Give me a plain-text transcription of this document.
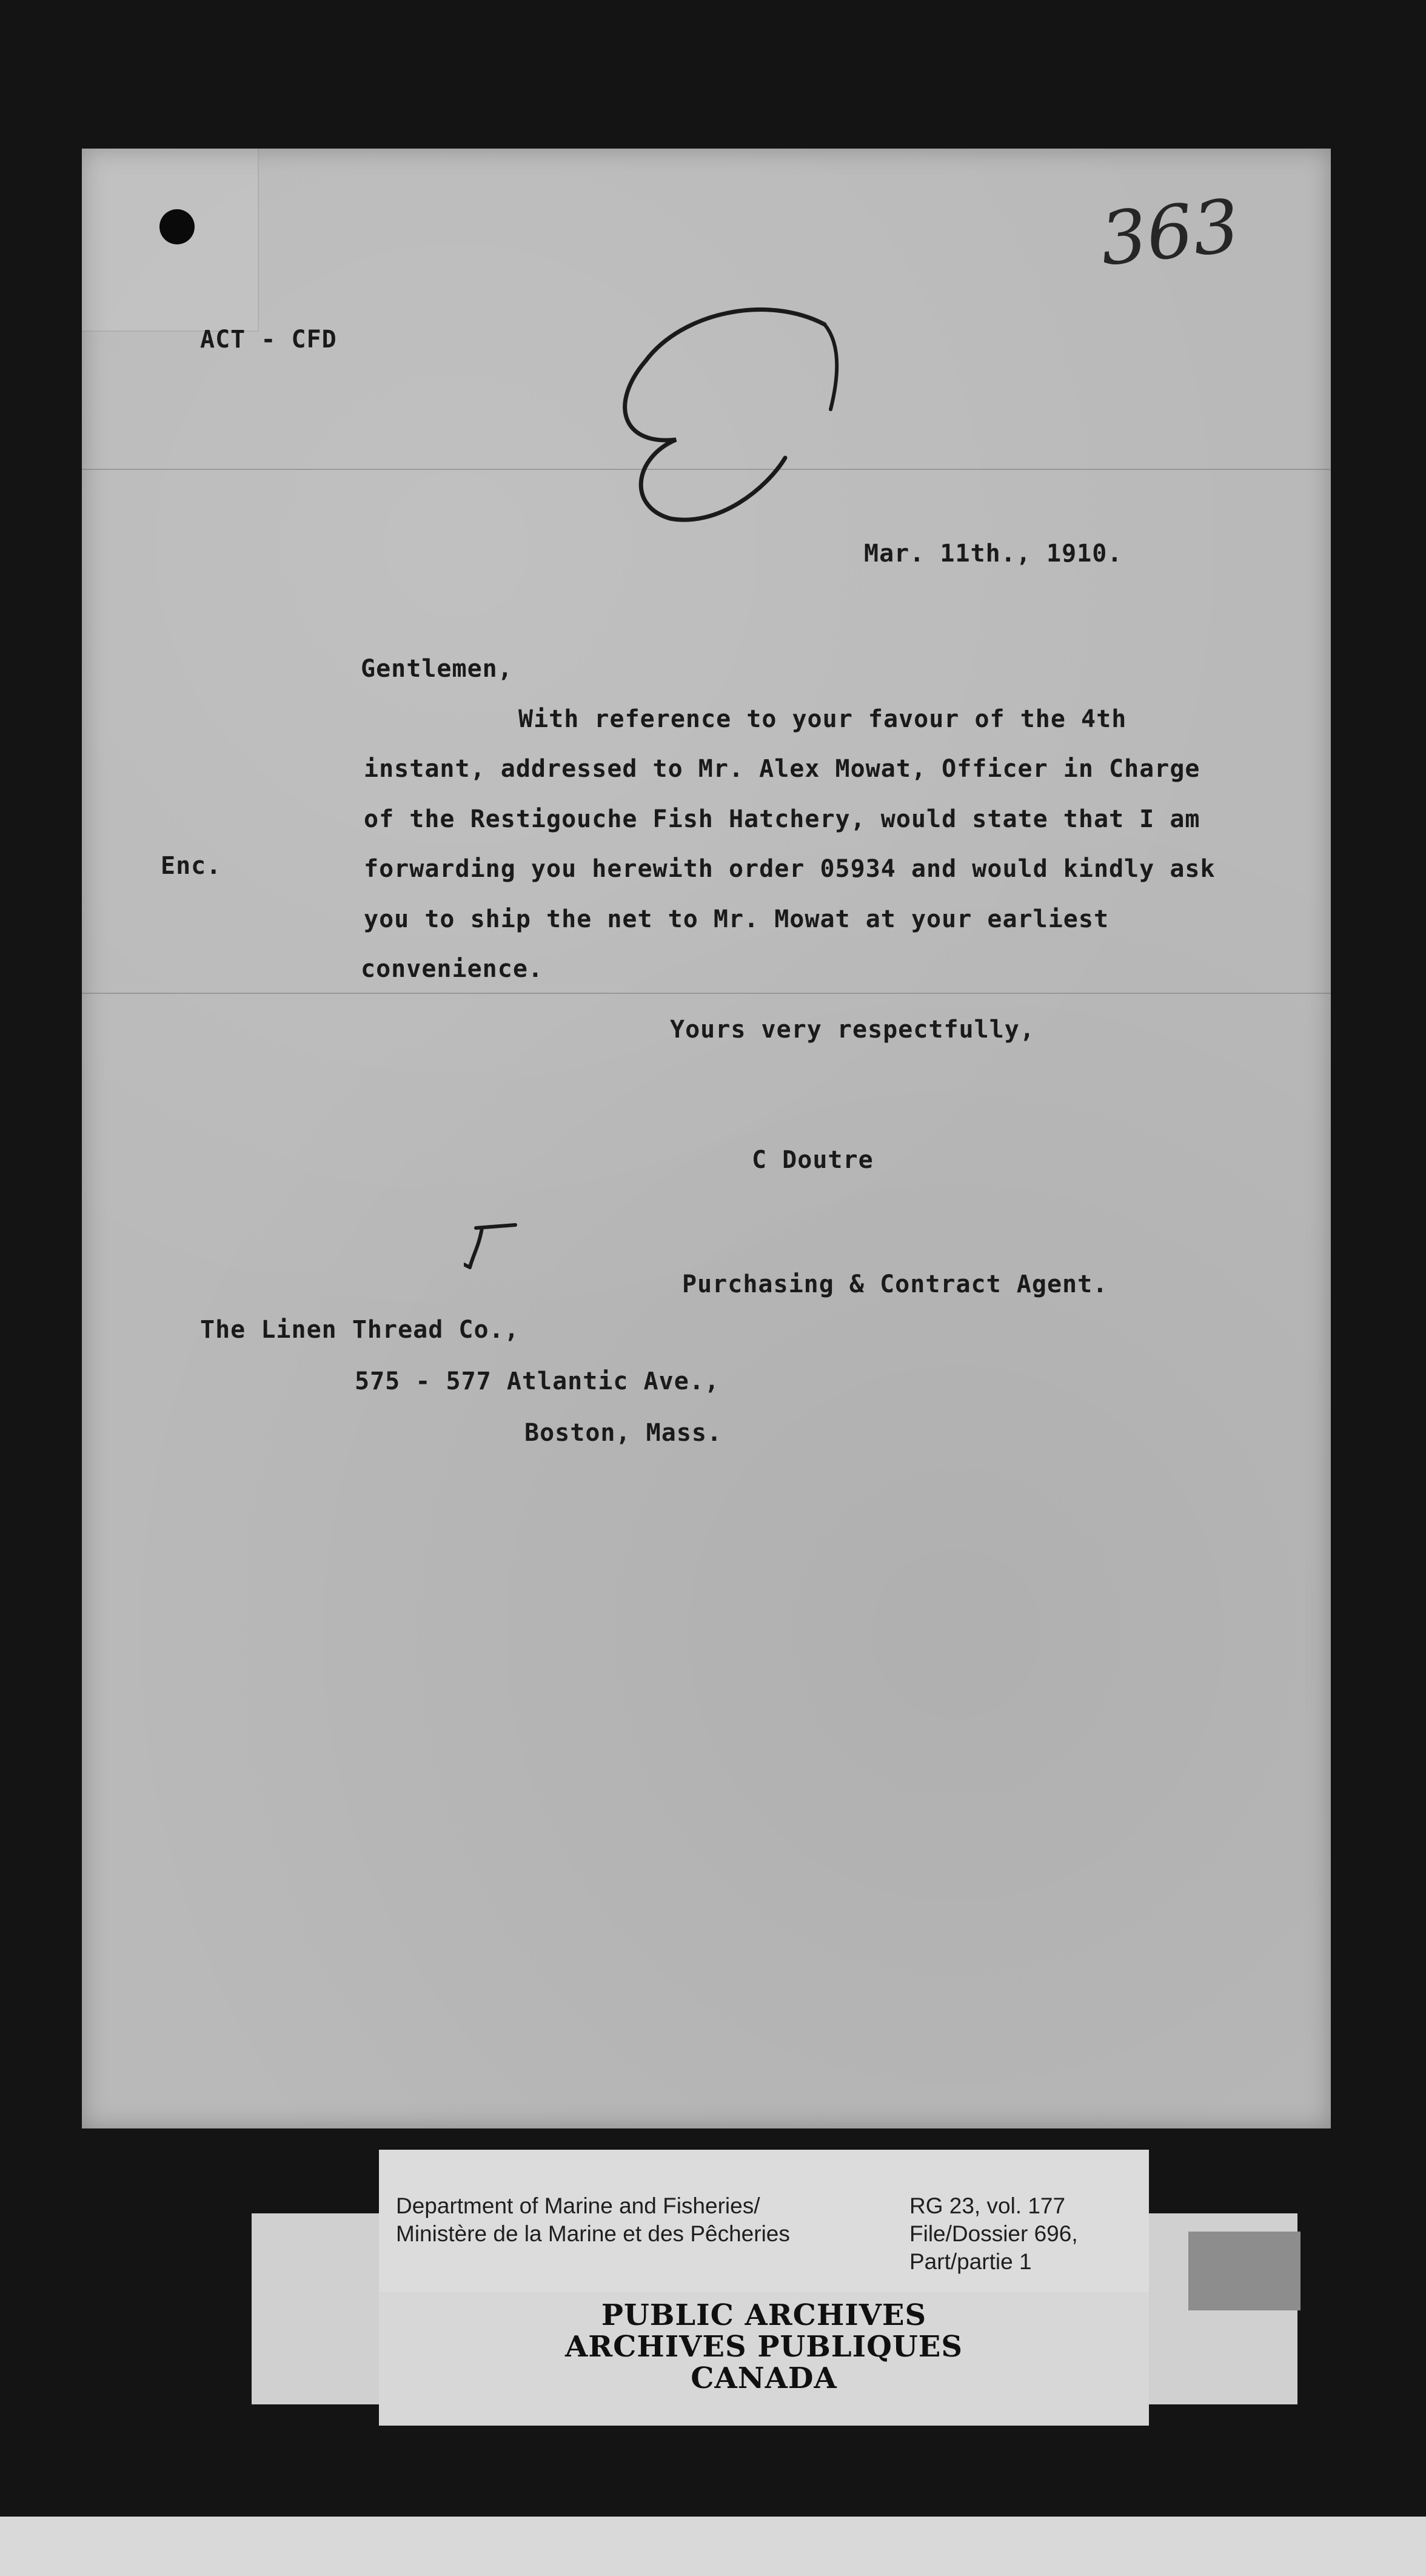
363
ACT - CFD
Mar. 11th., 1910.
Gentlemen,
With reference to your favour of the 4th
instant, addressed to Mr. Alex Mowat, Officer in Charge
of the Restigouche Fish Hatchery, would state that I am
forwarding you herewith order 05934 and would kindly ask
you to ship the net to Mr. Mowat at your earliest
convenience.
Enc.
Yours very respectfully,
C Doutre
Purchasing & Contract Agent.
The Linen Thread Co.,
575 - 577 Atlantic Ave.,
Boston, Mass.
Department of Marine and Fisheries/
Ministère de la Marine et des Pêcheries
RG 23, vol. 177
File/Dossier 696,
Part/partie 1
PUBLIC ARCHIVES
ARCHIVES PUBLIQUES
CANADA
